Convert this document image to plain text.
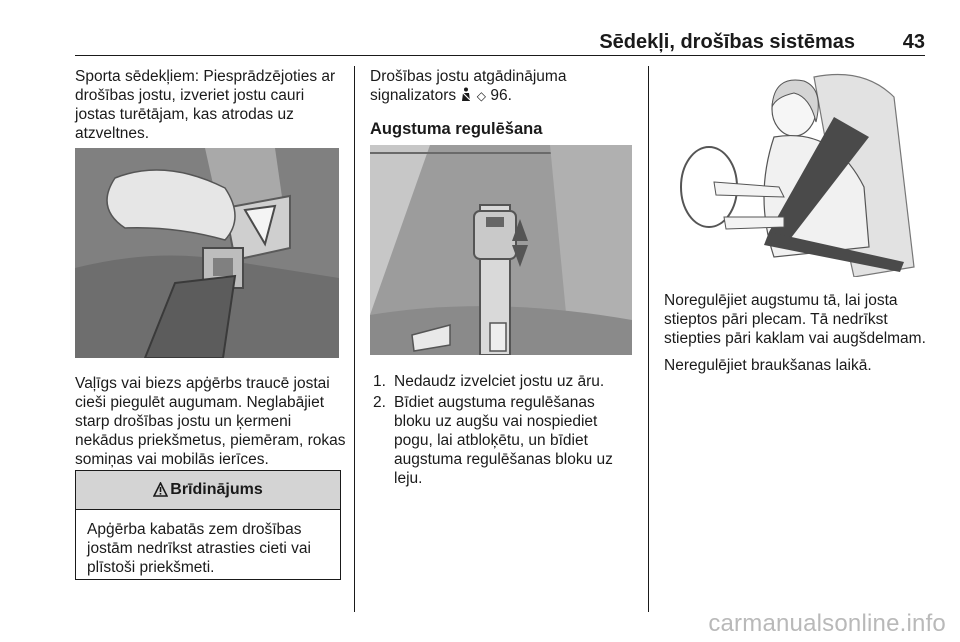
Sēdekļi, drošības sistēmas 43

Sporta sēdekļiem: Piesprādzējoties ar drošības jostu, izveriet jostu cauri jostas turētājam, kas atrodas uz atzveltnes.

Vaļīgs vai biezs apģērbs traucē jostai cieši piegulēt augumam. Neglabājiet starp drošības jostu un ķermeni nekādus priekšmetus, piemēram, rokas somiņas vai mobilās ierīces.

Brīdinājums
Apģērba kabatās zem drošības jostām nedrīkst atrasties cieti vai plīstoši priekšmeti.

Drošības jostu atgādinājuma signalizators ◇ 96.

Augstuma regulēšana

1. Nedaudz izvelciet jostu uz āru.
2. Bīdiet augstuma regulēšanas bloku uz augšu vai nospiediet pogu, lai atbloķētu, un bīdiet augstuma regulēšanas bloku uz leju.

Noregulējiet augstumu tā, lai josta stieptos pāri plecam. Tā nedrīkst stiepties pāri kaklam vai augšdelmam.

Neregulējiet braukšanas laikā.

carmanualsonline.info
